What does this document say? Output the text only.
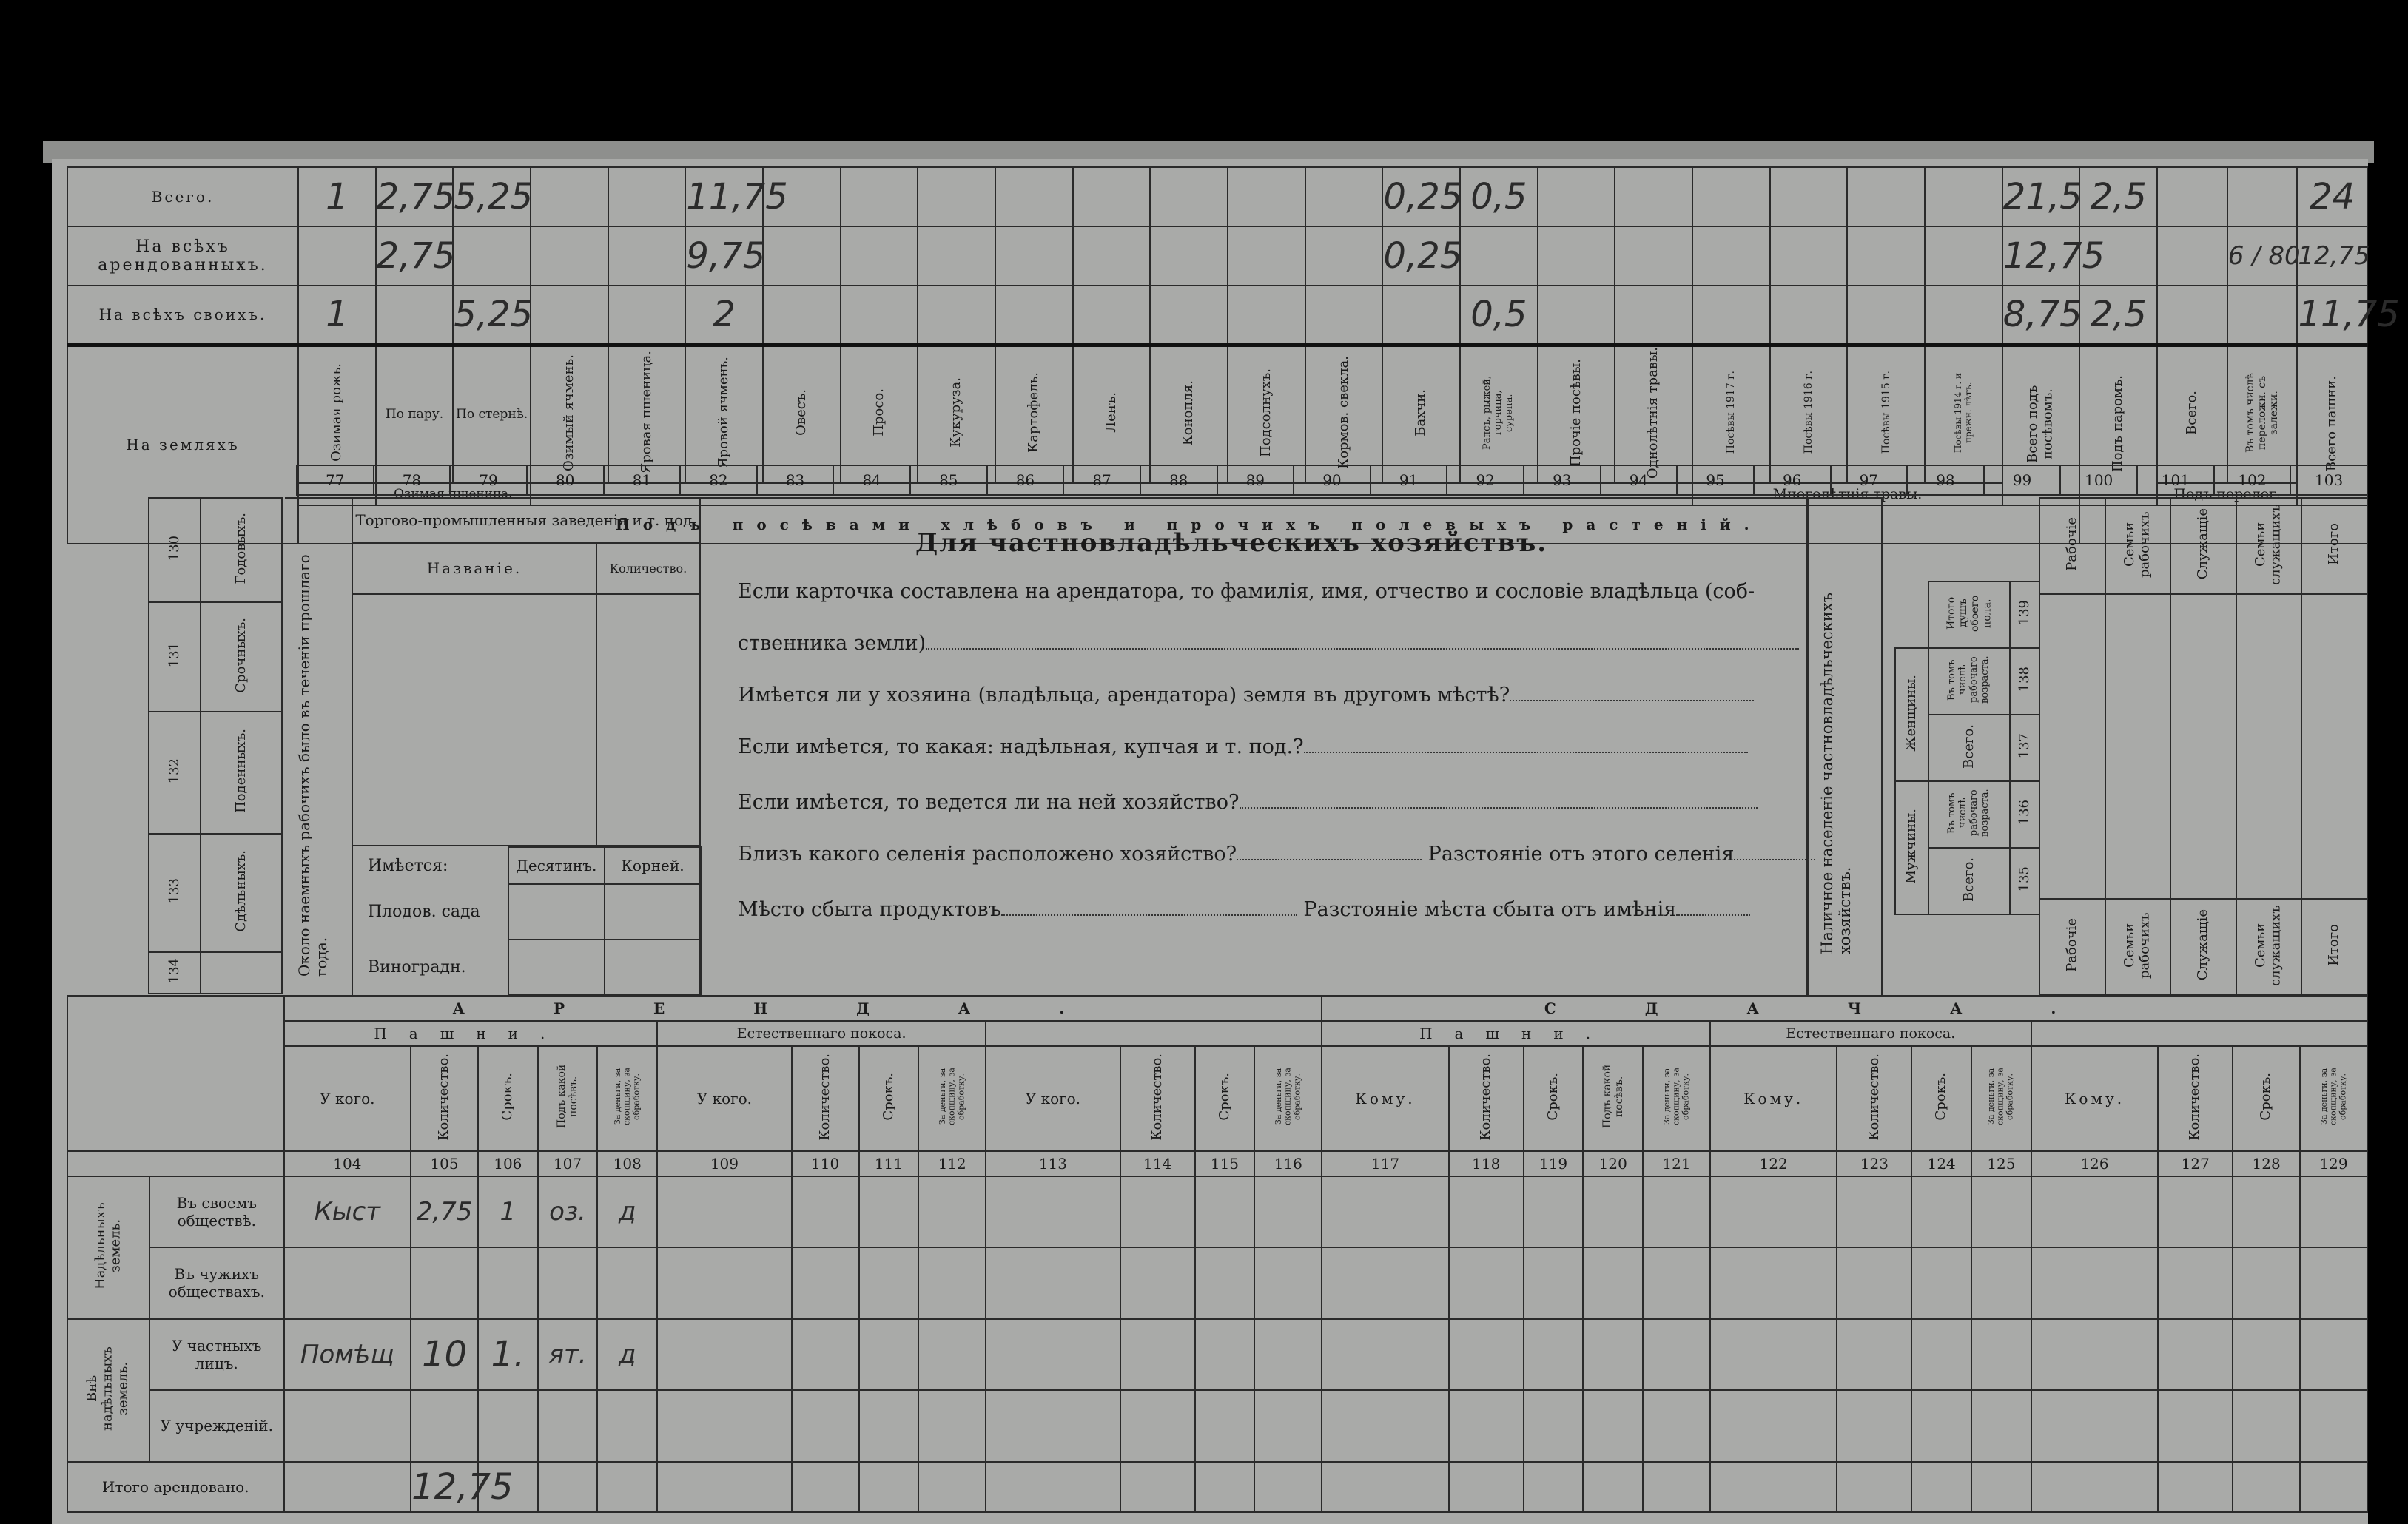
Всего.	1	2,75	5,25			11,75									0,25	0,5							21,5	2,5			24
На всѣхъ арендованныхъ.		2,75				9,75									0,25								12,75			6 / 80	12,75
На всѣхъ своихъ.	1		5,25			2										0,5							8,75	2,5			11,75
На земляхъ	Озимая рожь.	По пару.	По стернѣ.	Озимый ячмень.	Яровая пшеница.	Яровой ячмень.	Овесъ.	Просо.	Кукуруза.	Картофель.	Ленъ.	Конопля.	Подсолнухъ.	Кормов. свекла.	Бахчи.	Рапсъ, рыжей, горчица, сурепа.	Прочіе посѣвы.	Однолѣтнія травы.	Посѣвы 1917 г.	Посѣвы 1916 г.	Посѣвы 1915 г.	Посѣвы 1914 г. и прежн. лѣтъ.	Всего подъ посѣвомъ.	Подъ паромъ.	Всего.	Въ томъ числѣ переложн. съ залежи.	Всего пашни.
		Озимая пшеница.																	Многолѣтнія травы.						Подъ перелог.		
	Подъ посѣвами хлѣбовъ и прочихъ полевыхъ растеній.																										
77	78	79	80	81	82	83	84	85	86	87	88	89	90	91	92	93	94	95	96	97	98	99	100	101	102	103
130	Годовыхъ.
131	Срочныхъ.
132	Поденныхъ.
133	Сдѣльныхъ.
134		Около наемныхъ рабочихъ было въ теченіи прошлаго года.
Торгово-промышленныя заведенія и т. под.
Названіе.	Количество.

Имѣется:	Десятинъ.	Корней.
Плодов. сада		
Виноградн.		
Для частновладѣльческихъ хозяйствъ.
Если карточка составлена на арендатора, то фамилія, имя, отчество и сословіе владѣльца (соб-
ственника земли)
Имѣется ли у хозяина (владѣльца, арендатора) земля въ другомъ мѣстѣ?
Если имѣется, то какая: надѣльная, купчая и т. под.?
Если имѣется, то ведется ли на ней хозяйство?
Близъ какого селенія расположено хозяйство?	Разстояніе отъ этого селенія
Мѣсто сбыта продуктовъ	Разстояніе мѣста сбыта отъ имѣнія	Наличное населеніе частновладѣльческихъ хозяйствъ.
	Итого душъ обоего пола.	139
Женщины.	Въ томъ числѣ рабочаго возраста.	138
	Всего.	137
Мужчины.	Въ томъ числѣ рабочаго возраста.	136
	Всего.	135
Рабочіе	Семьи рабочихъ	Служащіе	Семьи служащихъ	Итого

Рабочіе	Семьи рабочихъ	Служащіе	Семьи служащихъ	Итого
		АРЕНДА.													СДАЧА.												
		Пашни.					Естественнаго покоса.								Пашни.					Естественнаго покоса.							
		У кого.	Количество.	Срокъ.	Подъ какой посѣвъ.	За деньги, за скопщину, за обработку.	У кого.	Количество.	Срокъ.	За деньги, за скопщину, за обработку.	У кого.	Количество.	Срокъ.	За деньги, за скопщину, за обработку.	Кому.	Количество.	Срокъ.	Подъ какой посѣвъ.	За деньги, за скопщину, за обработку.	Кому.	Количество.	Срокъ.	За деньги, за скопщину, за обработку.	Кому.	Количество.	Срокъ.	За деньги, за скопщину, за обработку.
		104	105	106	107	108	109	110	111	112	113	114	115	116	117	118	119	120	121	122	123	124	125	126	127	128	129
Надѣльныхъ земель.	Въ своемъ обществѣ.	Кыст	2,75	1	оз.	д																					
	Въ чужихъ обществахъ.																										
Внѣ надѣльныхъ земель.	У частныхъ лицъ.	Помѣщ	10	1.	ят.	д																					
	У учрежденій.																										
Итого арендовано.			12,75																								
